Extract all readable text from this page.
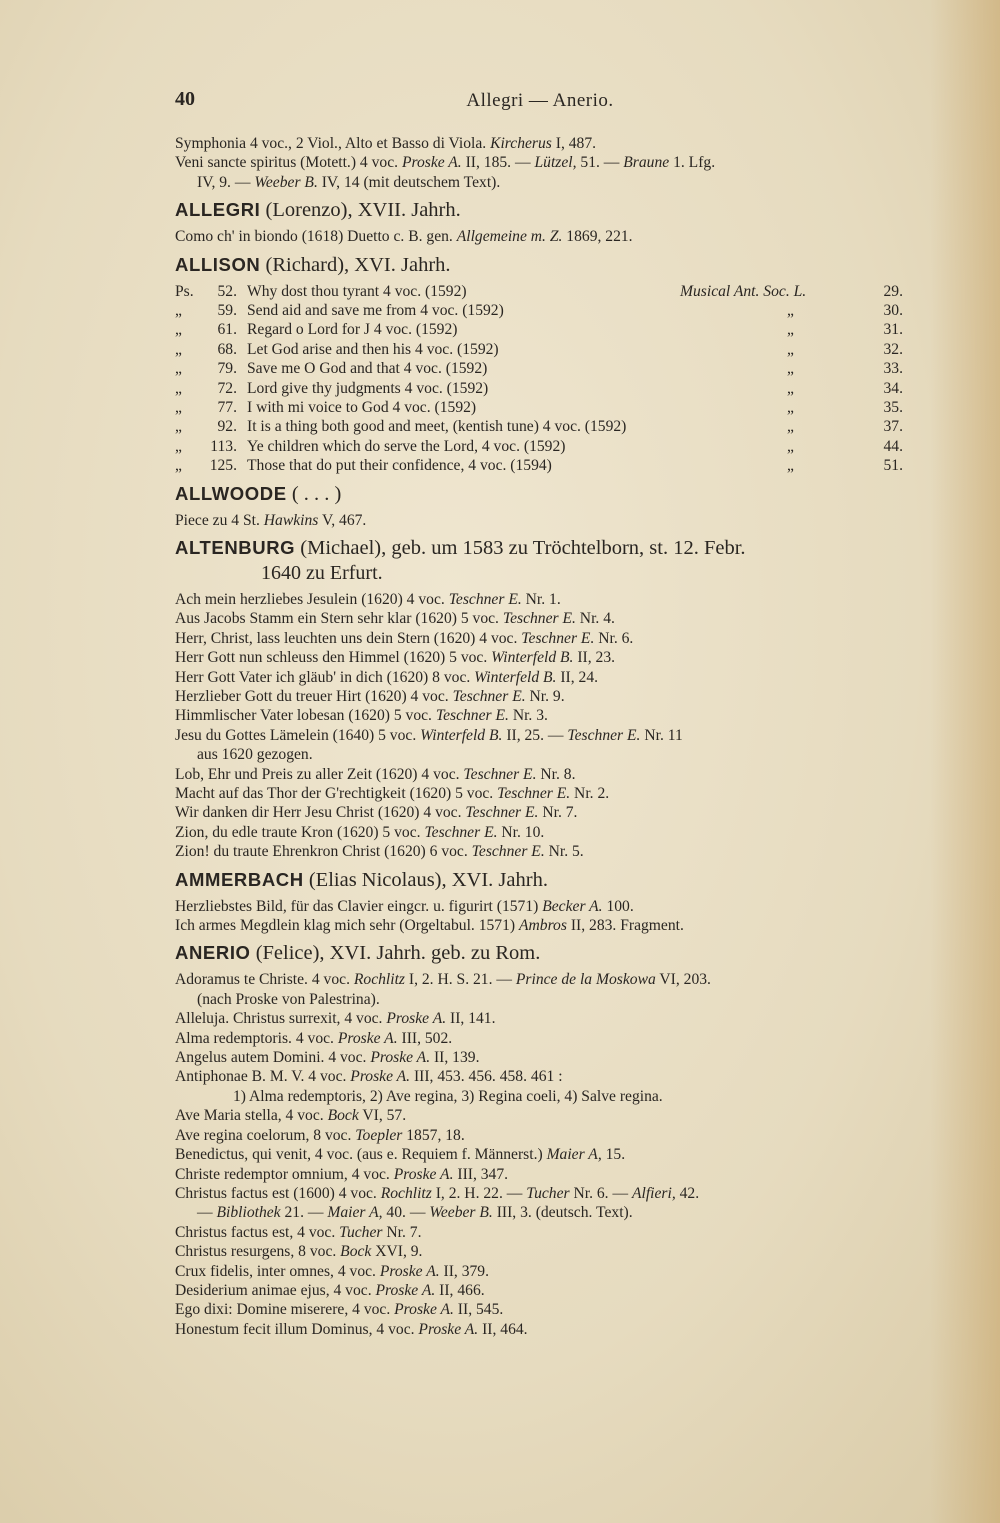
40	Allegri — Anerio.
Symphonia 4 voc., 2 Viol., Alto et Basso di Viola. Kircherus I, 487.
Veni sancte spiritus (Motett.) 4 voc. Proske A. II, 185. — Lützel, 51. — Braune 1. Lfg.
IV, 9. — Weeber B. IV, 14 (mit deutschem Text).
ALLEGRI (Lorenzo), XVII. Jahrh.
Como ch' in biondo (1618) Duetto c. B. gen. Allgemeine m. Z. 1869, 221.
ALLISON (Richard), XVI. Jahrh.
Ps.	52. Why dost thou tyrant 4 voc. (1592)	Musical Ant. Soc. L.	29.
„	59. Send aid and save me from 4 voc. (1592)	„	30.
„	61. Regard o Lord for J 4 voc. (1592)	„	31.
„	68. Let God arise and then his 4 voc. (1592)	„	32.
„	79. Save me O God and that 4 voc. (1592)	„	33.
„	72. Lord give thy judgments 4 voc. (1592)	„	34.
„	77. I with mi voice to God 4 voc. (1592)	„	35.
„	92. It is a thing both good and meet, (kentish tune) 4 voc. (1592)	„	37.
„	113. Ye children which do serve the Lord, 4 voc. (1592)	„	44.
„	125. Those that do put their confidence, 4 voc. (1594)	„	51.
ALLWOODE ( . . . )
Piece zu 4 St. Hawkins V, 467.
ALTENBURG (Michael), geb. um 1583 zu Tröchtelborn, st. 12. Febr.
1640 zu Erfurt.
Ach mein herzliebes Jesulein (1620) 4 voc. Teschner E. Nr. 1.
Aus Jacobs Stamm ein Stern sehr klar (1620) 5 voc. Teschner E. Nr. 4.
Herr, Christ, lass leuchten uns dein Stern (1620) 4 voc. Teschner E. Nr. 6.
Herr Gott nun schleuss den Himmel (1620) 5 voc. Winterfeld B. II, 23.
Herr Gott Vater ich gläub' in dich (1620) 8 voc. Winterfeld B. II, 24.
Herzlieber Gott du treuer Hirt (1620) 4 voc. Teschner E. Nr. 9.
Himmlischer Vater lobesan (1620) 5 voc. Teschner E. Nr. 3.
Jesu du Gottes Lämelein (1640) 5 voc. Winterfeld B. II, 25. — Teschner E. Nr. 11
aus 1620 gezogen.
Lob, Ehr und Preis zu aller Zeit (1620) 4 voc. Teschner E. Nr. 8.
Macht auf das Thor der G'rechtigkeit (1620) 5 voc. Teschner E. Nr. 2.
Wir danken dir Herr Jesu Christ (1620) 4 voc. Teschner E. Nr. 7.
Zion, du edle traute Kron (1620) 5 voc. Teschner E. Nr. 10.
Zion! du traute Ehrenkron Christ (1620) 6 voc. Teschner E. Nr. 5.
AMMERBACH (Elias Nicolaus), XVI. Jahrh.
Herzliebstes Bild, für das Clavier eingcr. u. figurirt (1571) Becker A. 100.
Ich armes Megdlein klag mich sehr (Orgeltabul. 1571) Ambros II, 283. Fragment.
ANERIO (Felice), XVI. Jahrh. geb. zu Rom.
Adoramus te Christe. 4 voc. Rochlitz I, 2. H. S. 21. — Prince de la Moskowa VI, 203.
(nach Proske von Palestrina).
Alleluja. Christus surrexit, 4 voc. Proske A. II, 141.
Alma redemptoris. 4 voc. Proske A. III, 502.
Angelus autem Domini. 4 voc. Proske A. II, 139.
Antiphonae B. M. V. 4 voc. Proske A. III, 453. 456. 458. 461 :
1) Alma redemptoris, 2) Ave regina, 3) Regina coeli, 4) Salve regina.
Ave Maria stella, 4 voc. Bock VI, 57.
Ave regina coelorum, 8 voc. Toepler 1857, 18.
Benedictus, qui venit, 4 voc. (aus e. Requiem f. Männerst.) Maier A, 15.
Christe redemptor omnium, 4 voc. Proske A. III, 347.
Christus factus est (1600) 4 voc. Rochlitz I, 2. H. 22. — Tucher Nr. 6. — Alfieri, 42.
— Bibliothek 21. — Maier A, 40. — Weeber B. III, 3. (deutsch. Text).
Christus factus est, 4 voc. Tucher Nr. 7.
Christus resurgens, 8 voc. Bock XVI, 9.
Crux fidelis, inter omnes, 4 voc. Proske A. II, 379.
Desiderium animae ejus, 4 voc. Proske A. II, 466.
Ego dixi: Domine miserere, 4 voc. Proske A. II, 545.
Honestum fecit illum Dominus, 4 voc. Proske A. II, 464.
